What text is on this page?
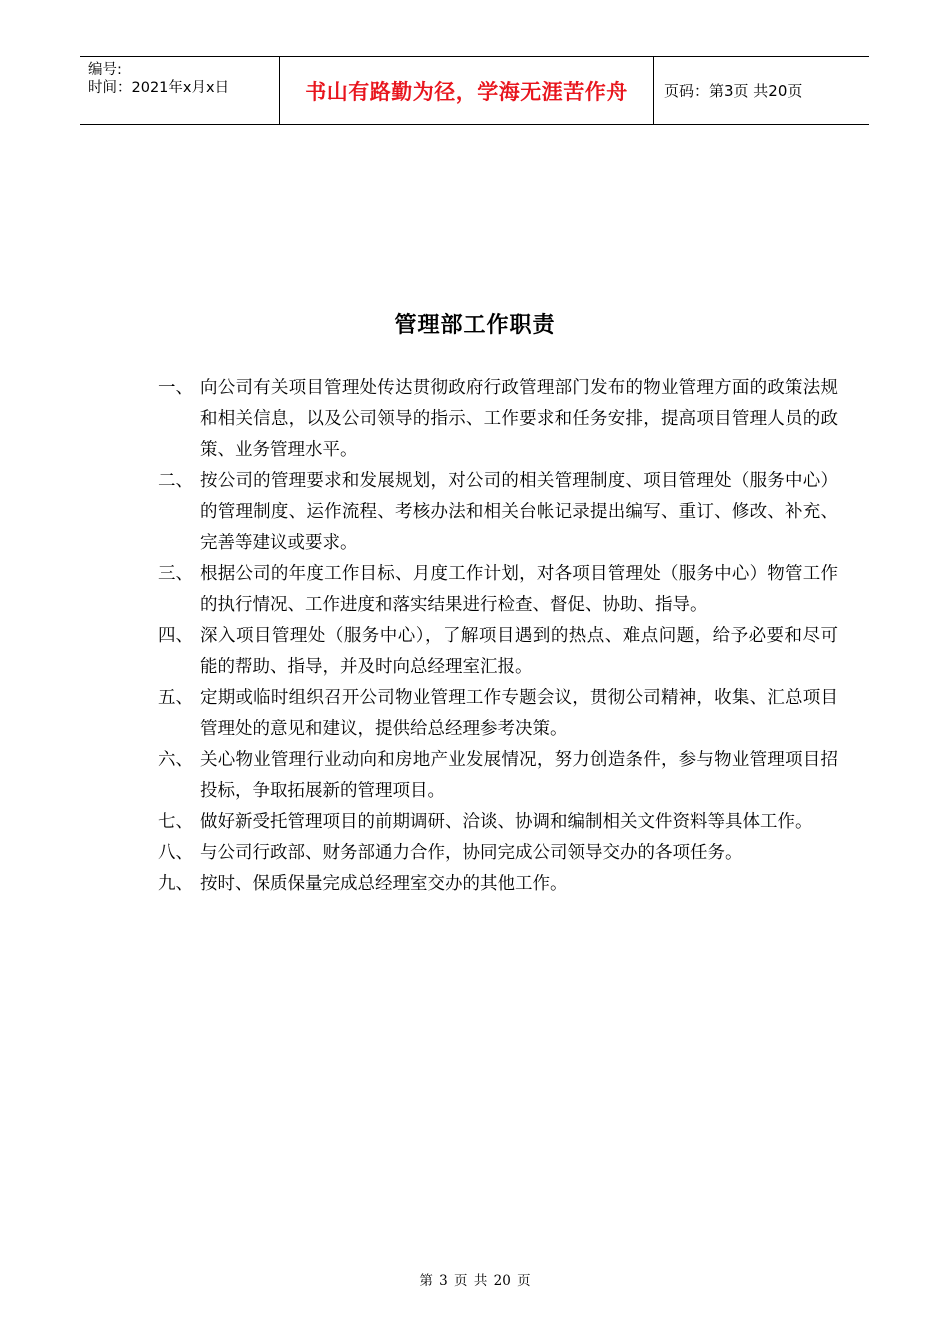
编号:
时间：2021年x月x日	书山有路勤为径，学海无涯苦作舟	页码：第3页 共20页
管理部工作职责
一、 向公司有关项目管理处传达贯彻政府行政管理部门发布的物业管理方面的政策法规和相关信息，以及公司领导的指示、工作要求和任务安排，提高项目管理人员的政策、业务管理水平。
二、 按公司的管理要求和发展规划，对公司的相关管理制度、项目管理处（服务中心）的管理制度、运作流程、考核办法和相关台帐记录提出编写、重订、修改、补充、完善等建议或要求。
三、 根据公司的年度工作目标、月度工作计划，对各项目管理处（服务中心）物管工作的执行情况、工作进度和落实结果进行检查、督促、协助、指导。
四、 深入项目管理处（服务中心），了解项目遇到的热点、难点问题，给予必要和尽可能的帮助、指导，并及时向总经理室汇报。
五、 定期或临时组织召开公司物业管理工作专题会议，贯彻公司精神，收集、汇总项目管理处的意见和建议，提供给总经理参考决策。
六、 关心物业管理行业动向和房地产业发展情况，努力创造条件，参与物业管理项目招投标，争取拓展新的管理项目。
七、 做好新受托管理项目的前期调研、洽谈、协调和编制相关文件资料等具体工作。
八、 与公司行政部、财务部通力合作，协同完成公司领导交办的各项任务。
九、 按时、保质保量完成总经理室交办的其他工作。
第 3 页 共 20 页
